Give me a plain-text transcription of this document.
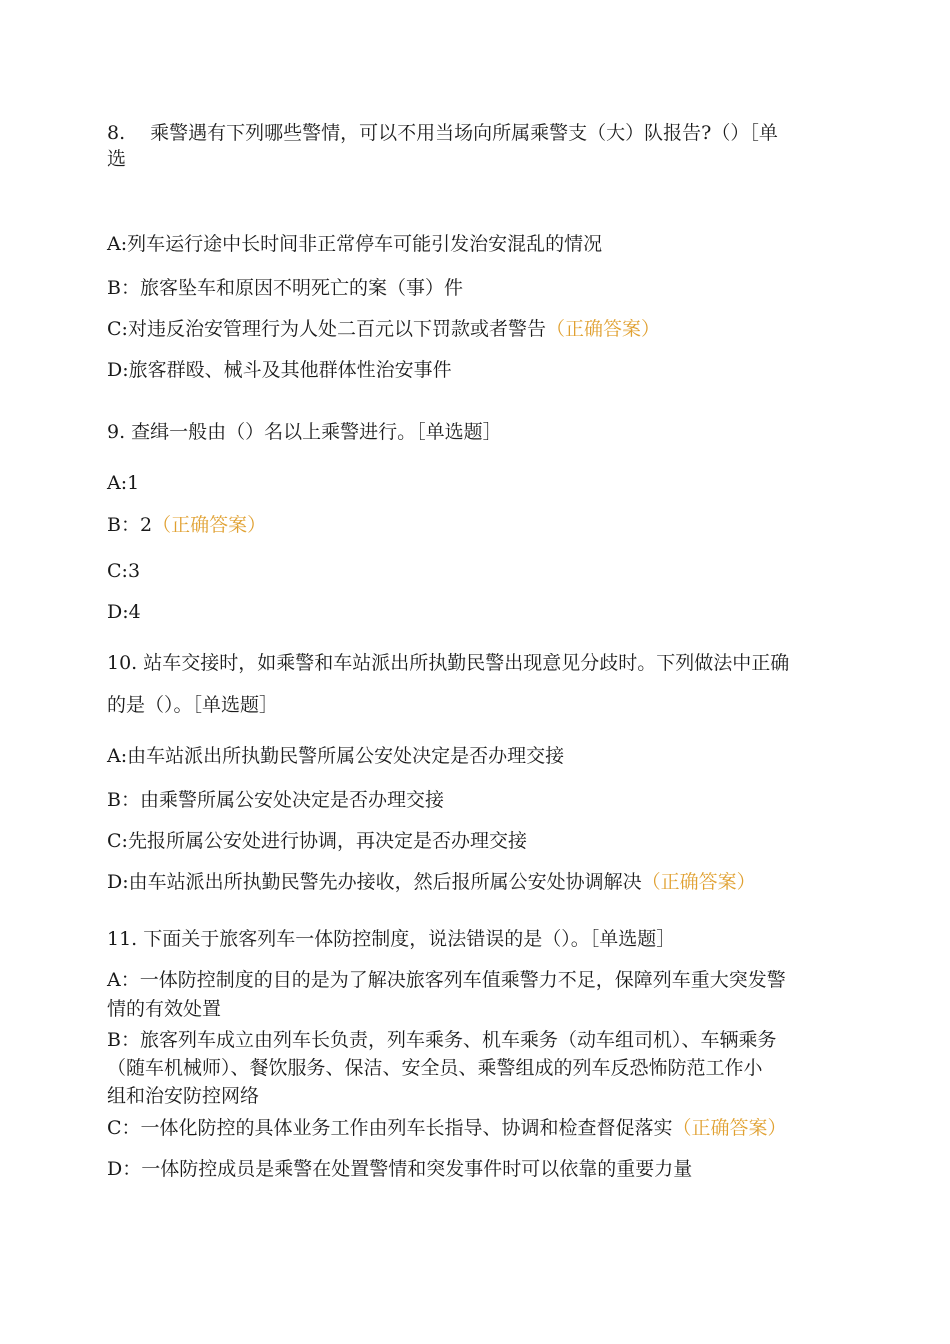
8.　 乘警遇有下列哪些警情，可以不用当场向所属乘警支（大）队报告?（）［单
选
A:列车运行途中长时间非正常停车可能引发治安混乱的情况
B：旅客坠车和原因不明死亡的案（事）件
C:对违反治安管理行为人处二百元以下罚款或者警告（正确答案）
D:旅客群殴、械斗及其他群体性治安事件
9. 查缉一般由（）名以上乘警进行。［单选题］
A:1
B：2（正确答案）
C:3
D:4
10. 站车交接时，如乘警和车站派出所执勤民警出现意见分歧时。下列做法中正确
的是（）。［单选题］
A:由车站派出所执勤民警所属公安处决定是否办理交接
B：由乘警所属公安处决定是否办理交接
C:先报所属公安处进行协调，再决定是否办理交接
D:由车站派出所执勤民警先办接收，然后报所属公安处协调解决（正确答案）
11. 下面关于旅客列车一体防控制度，说法错误的是（）。［单选题］
A：一体防控制度的目的是为了解决旅客列车值乘警力不足，保障列车重大突发警
情的有效处置
B：旅客列车成立由列车长负责，列车乘务、机车乘务（动车组司机）、车辆乘务
（随车机械师）、餐饮服务、保洁、安全员、乘警组成的列车反恐怖防范工作小
组和治安防控网络
C：一体化防控的具体业务工作由列车长指导、协调和检查督促落实（正确答案）
D：一体防控成员是乘警在处置警情和突发事件时可以依靠的重要力量
